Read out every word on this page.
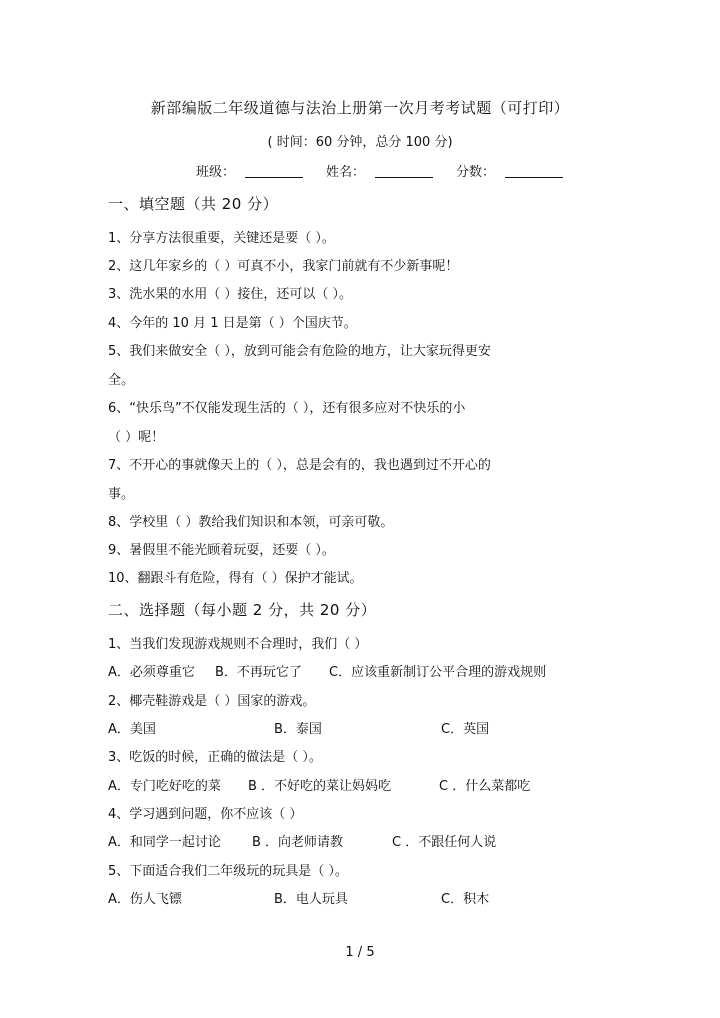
新部编版二年级道德与法治上册第一次月考考试题（可打印）
( 时间：60 分钟，总分 100 分)
班级：	姓名：	分数：
一、填空题（共 20 分）
1、分享方法很重要，关键还是要（ ）。
2、这几年家乡的（ ）可真不小，我家门前就有不少新事呢！
3、洗水果的水用（ ）接住，还可以（ ）。
4、今年的 10 月 1 日是第（ ）个国庆节。
5、我们来做安全（ ），放到可能会有危险的地方，让大家玩得更安
全。
6、“快乐鸟”不仅能发现生活的（ ），还有很多应对不快乐的小
（ ）呢！
7、不开心的事就像天上的（ ），总是会有的，我也遇到过不开心的
事。
8、学校里（ ）教给我们知识和本领，可亲可敬。
9、暑假里不能光顾着玩耍，还要（ ）。
10、翻跟斗有危险，得有（ ）保护才能试。
二、选择题（每小题 2 分，共 20 分）
1、当我们发现游戏规则不合理时，我们（ ）
A．必须尊重它 B．不再玩它了 C．应该重新制订公平合理的游戏规则
2、椰壳鞋游戏是（ ）国家的游戏。
A．美国	B．泰国	C．英国
3、吃饭的时候，正确的做法是（ ）。
A．专门吃好吃的菜 B ．不好吃的菜让妈妈吃	C ．什么菜都吃
4、学习遇到问题，你不应该（ ）
A．和同学一起讨论 B ．向老师请教	C ．不跟任何人说
5、下面适合我们二年级玩的玩具是（ ）。
A．伤人飞镖	B．电人玩具	C．积木
1 / 5
